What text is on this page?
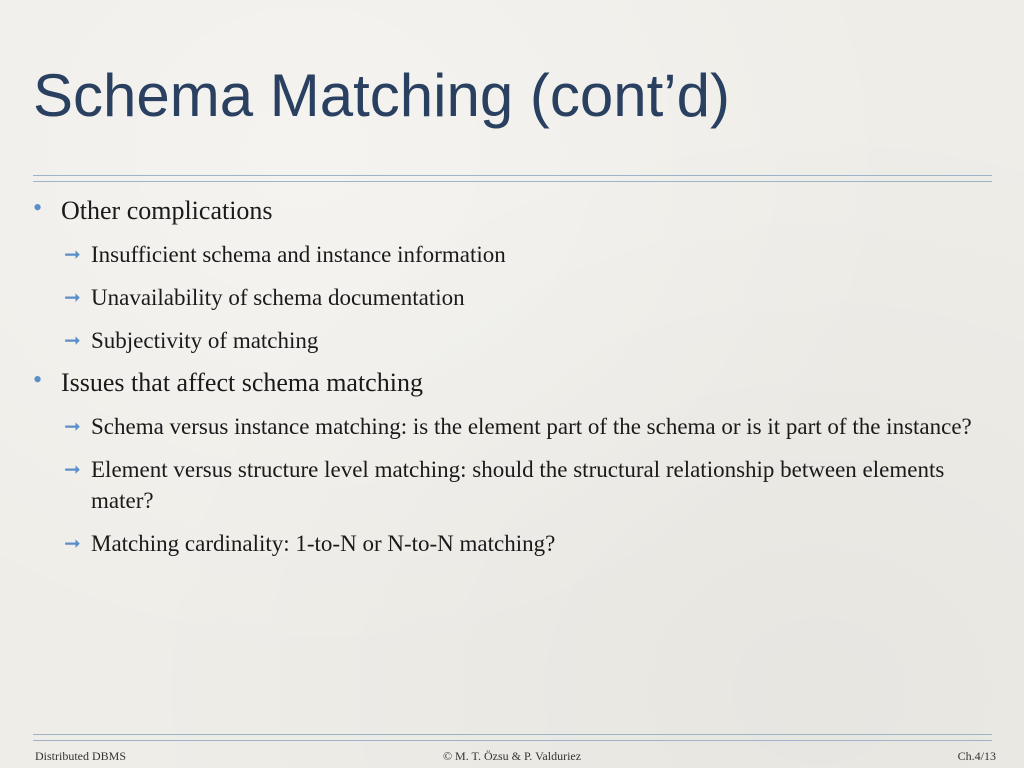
Schema Matching (cont’d)
• Other complications
➞ Insufficient schema and instance information
➞ Unavailability of schema documentation
➞ Subjectivity of matching
• Issues that affect schema matching
➞ Schema versus instance matching: is the element part of the schema or is it part of the instance?
➞ Element versus structure level matching: should the structural relationship between elements mater?
➞ Matching cardinality: 1-to-N or N-to-N matching?
Distributed DBMS	© M. T. Özsu & P. Valduriez	Ch.4/13
